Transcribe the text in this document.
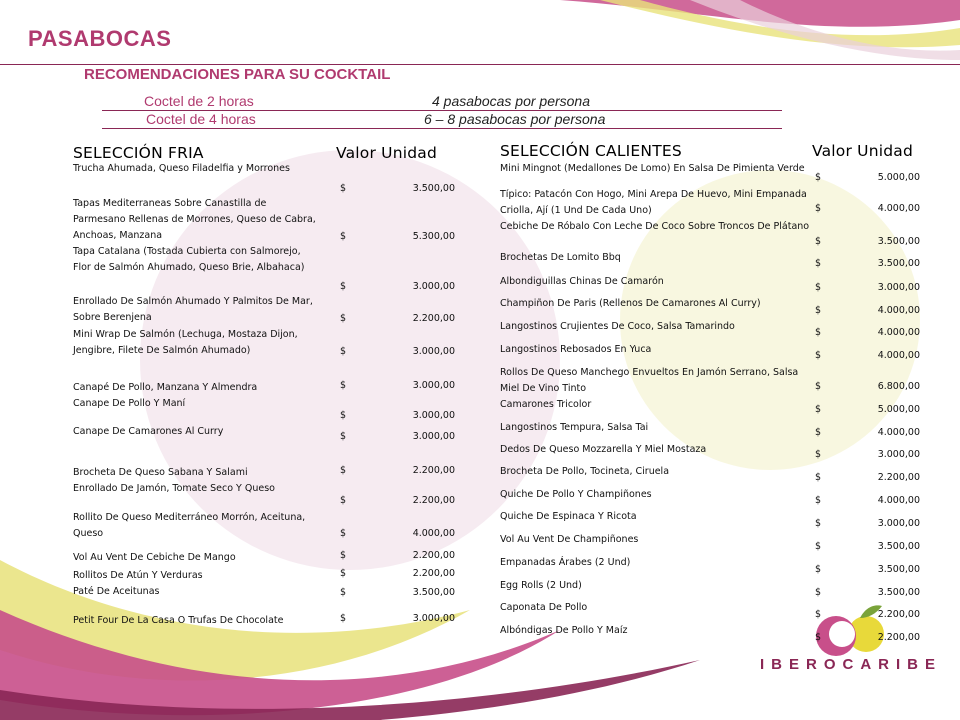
PASABOCAS
RECOMENDACIONES PARA SU COCKTAIL
Coctel de 2 horas	4 pasabocas por persona
Coctel de 4 horas	6 – 8 pasabocas por persona
SELECCIÓN FRIA	Valor Unidad	SELECCIÓN CALIENTES	Valor Unidad
Trucha Ahumada, Queso Filadelfia y Morrones
$	3.500,00
Tapas Mediterraneas Sobre Canastilla de
Parmesano Rellenas de Morrones, Queso de Cabra,
Anchoas, Manzana	$	5.300,00
Tapa Catalana (Tostada Cubierta con Salmorejo,
Flor de Salmón Ahumado, Queso Brie, Albahaca)
$	3.000,00
Enrollado De Salmón Ahumado Y Palmitos De Mar,
Sobre Berenjena	$	2.200,00
Mini Wrap De Salmón (Lechuga, Mostaza Dijon,
Jengibre, Filete De Salmón Ahumado)	$	3.000,00
Canapé De Pollo, Manzana Y Almendra	$	3.000,00
Canape De Pollo Y Maní
$	3.000,00
Canape De Camarones Al Curry	$	3.000,00
Brocheta De Queso Sabana Y Salami	$	2.200,00
Enrollado De Jamón, Tomate Seco Y Queso
$	2.200,00
Rollito De Queso Mediterráneo Morrón, Aceituna,
Queso	$	4.000,00
Vol Au Vent De Cebiche De Mango	$	2.200,00
Rollitos De Atún Y Verduras	$	2.200,00
Paté De Aceitunas	$	3.500,00
Petit Four De La Casa O Trufas De Chocolate	$	3.000,00
Mini Mingnot (Medallones De Lomo) En Salsa De Pimienta Verde
$	5.000,00
Típico: Patacón Con Hogo, Mini Arepa De Huevo, Mini Empanada
Criolla, Ají (1 Und De Cada Uno)	$	4.000,00
Cebiche De Róbalo Con Leche De Coco Sobre Troncos De Plátano
$	3.500,00
Brochetas De Lomito Bbq
$	3.500,00
Albondiguillas Chinas De Camarón
$	3.000,00
Champiñon De Paris (Rellenos De Camarones Al Curry)
$	4.000,00
Langostinos Crujientes De Coco, Salsa Tamarindo
$	4.000,00
Langostinos Rebosados En Yuca
$	4.000,00
Rollos De Queso Manchego Envueltos En Jamón Serrano, Salsa
Miel De Vino Tinto	$	6.800,00
Camarones Tricolor	$	5.000,00
Langostinos Tempura, Salsa Tai	$	4.000,00
Dedos De Queso Mozzarella Y Miel Mostaza	$	3.000,00
Brocheta De Pollo, Tocineta, Ciruela
$	2.200,00
Quiche De Pollo Y Champiñones
$	4.000,00
Quiche De Espinaca Y Ricota
$	3.000,00
Vol Au Vent De Champiñones
$	3.500,00
Empanadas Árabes (2 Und)
$	3.500,00
Egg Rolls (2 Und)
$	3.500,00
Caponata De Pollo
$	2.200,00
Albóndigas De Pollo Y Maíz
$	2.200,00
IBEROCARIBE
